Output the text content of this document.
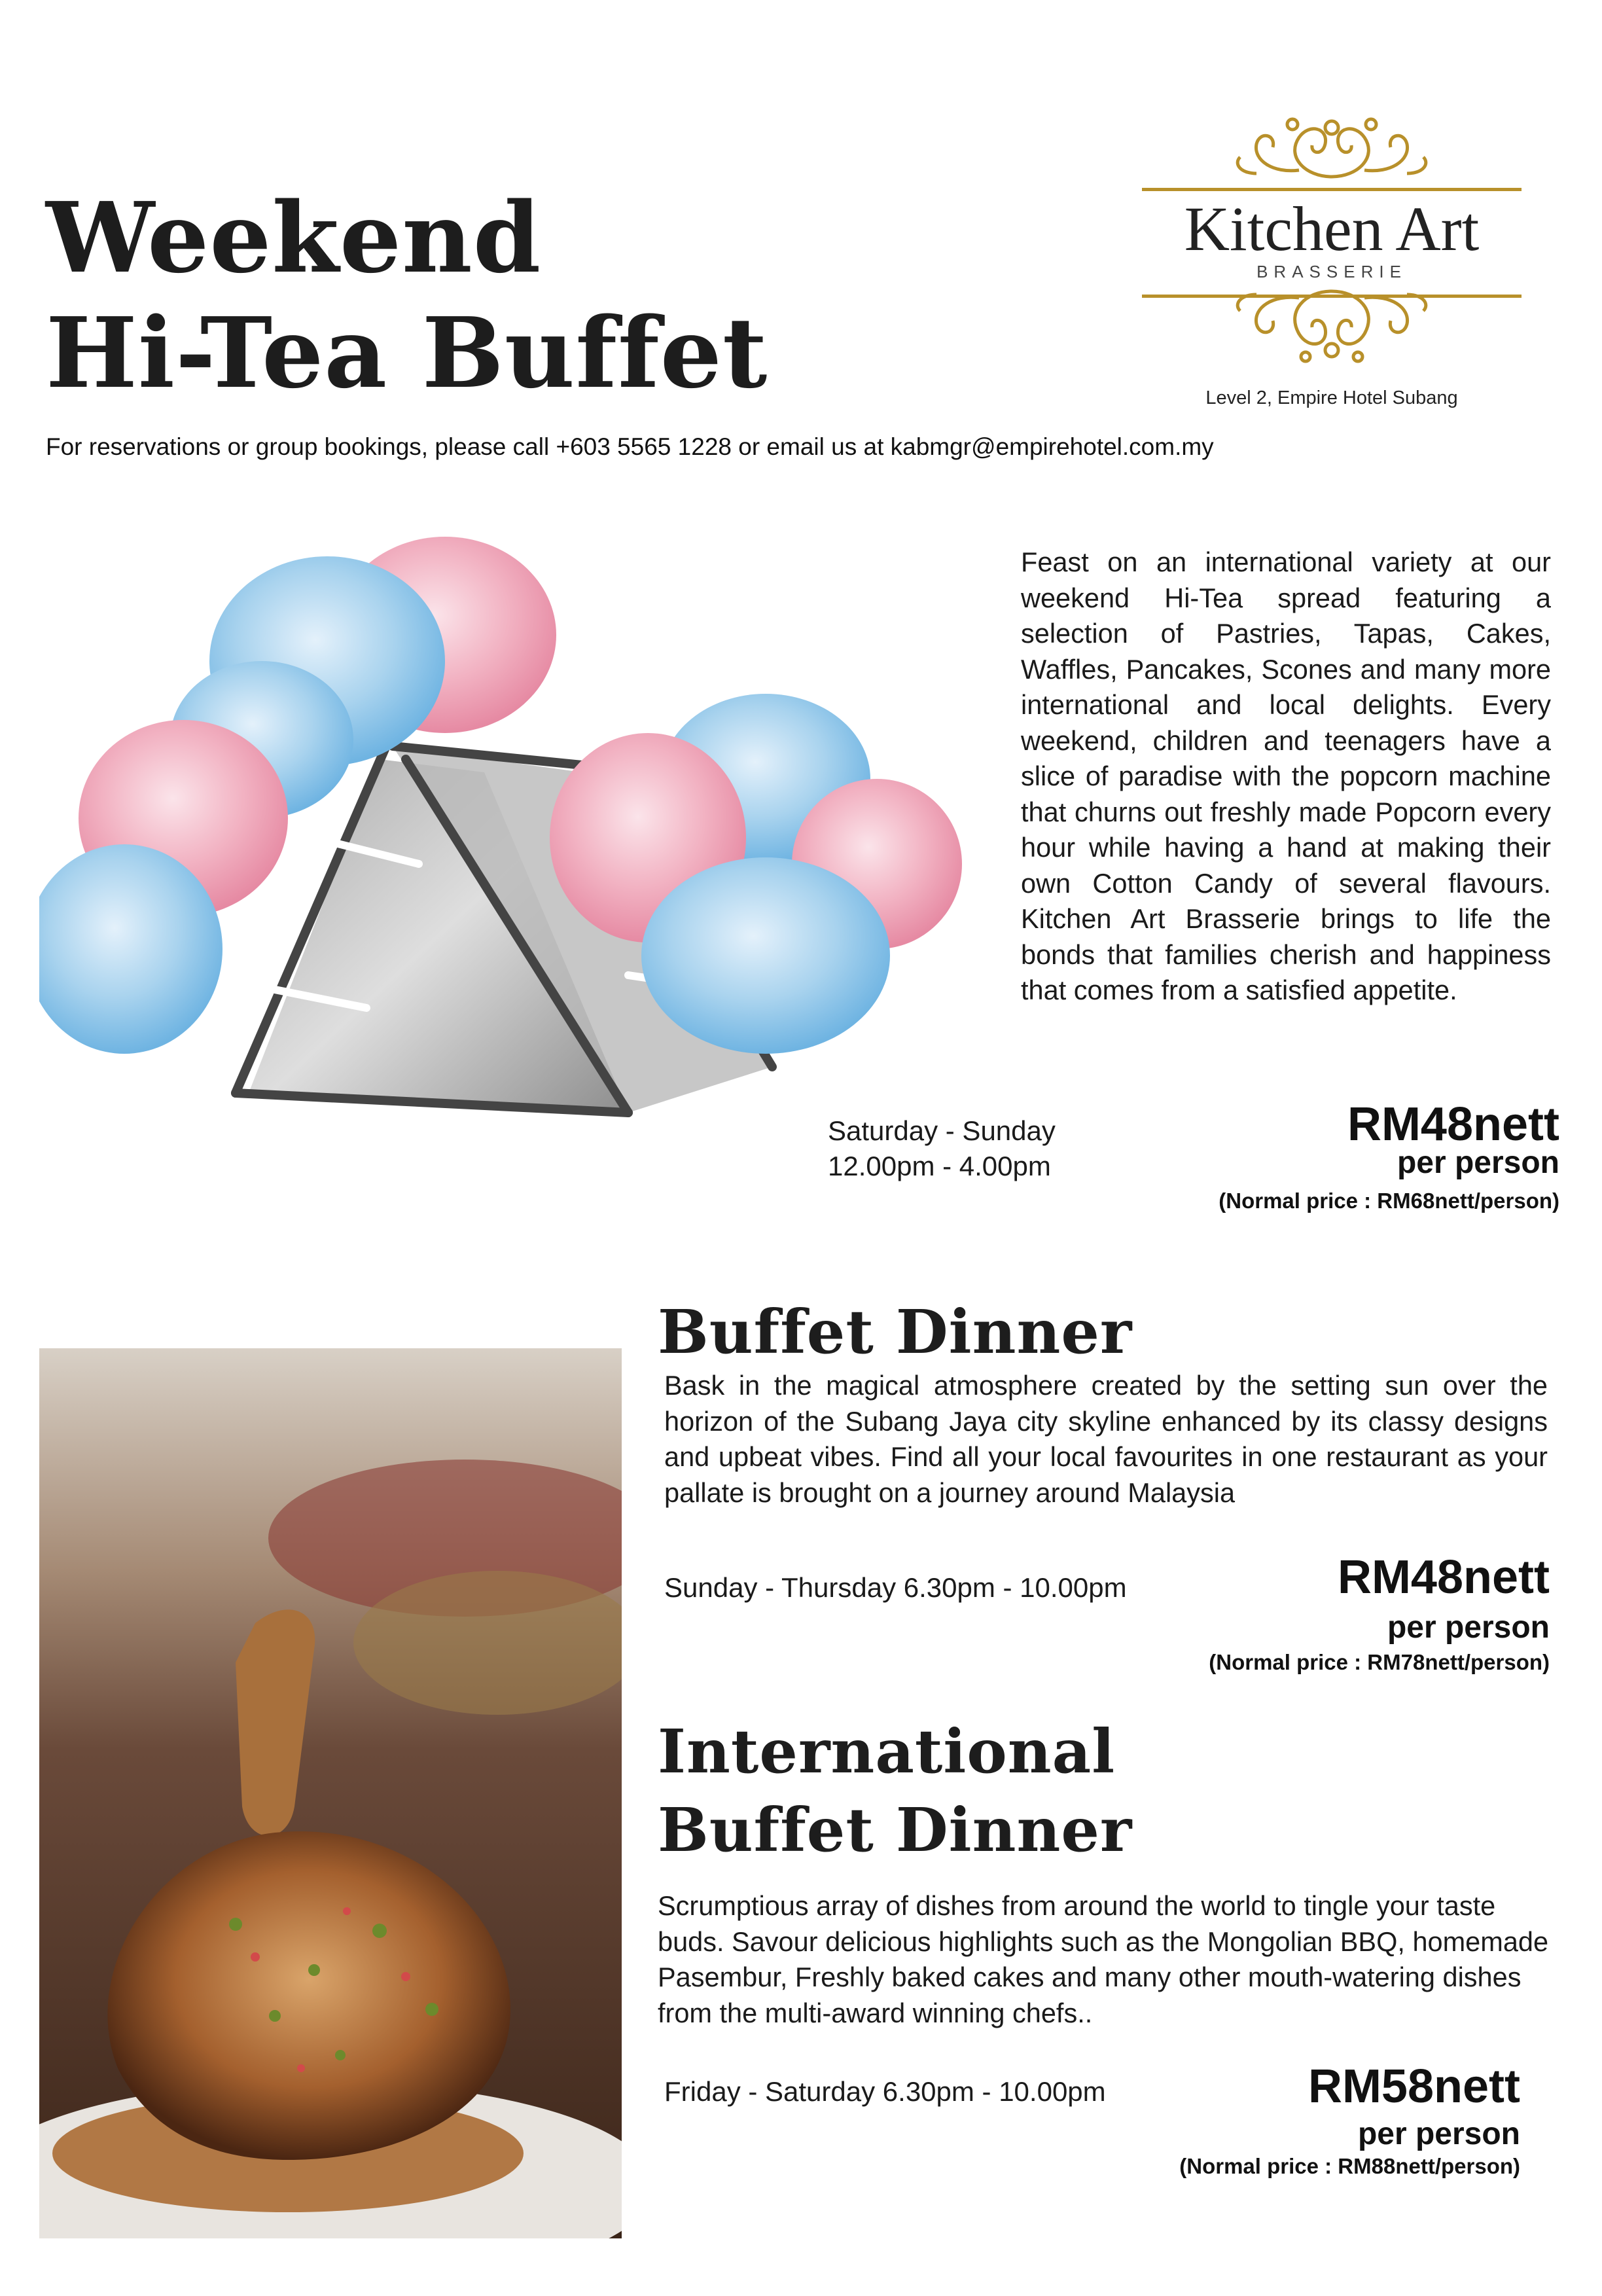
Weekend
Hi-Tea Buffet
Kitchen Art
BRASSERIE
Level 2, Empire Hotel Subang
For reservations or group bookings, please call +603 5565 1228 or email us at kabmgr@empirehotel.com.my
Feast on an international variety at our weekend Hi-Tea spread featuring a selection of Pastries, Tapas, Cakes, Waffles, Pancakes, Scones and many more international and local delights. Every weekend, children and teenagers have a slice of paradise with the popcorn machine that churns out freshly made Popcorn every hour while having a hand at making their own Cotton Candy of several flavours. Kitchen Art Brasserie brings to life the bonds that families cherish and happiness that comes from a satisfied appetite.
Saturday - Sunday
12.00pm - 4.00pm
RM48nett
per person
(Normal price : RM68nett/person)
Buffet Dinner
Bask in the magical atmosphere created by the setting sun over the horizon of the Subang Jaya city skyline enhanced by its classy designs and upbeat vibes. Find all your local favourites in one restaurant as your pallate is brought on a journey around Malaysia
Sunday - Thursday 6.30pm - 10.00pm	RM48nett
per person
(Normal price : RM78nett/person)
International
Buffet Dinner
Scrumptious array of dishes from around the world to tingle your taste buds. Savour delicious highlights such as the Mongolian BBQ, homemade Pasembur, Freshly baked cakes and many other mouth-watering dishes from the multi-award winning chefs..
Friday - Saturday 6.30pm - 10.00pm	RM58nett
per person
(Normal price : RM88nett/person)
